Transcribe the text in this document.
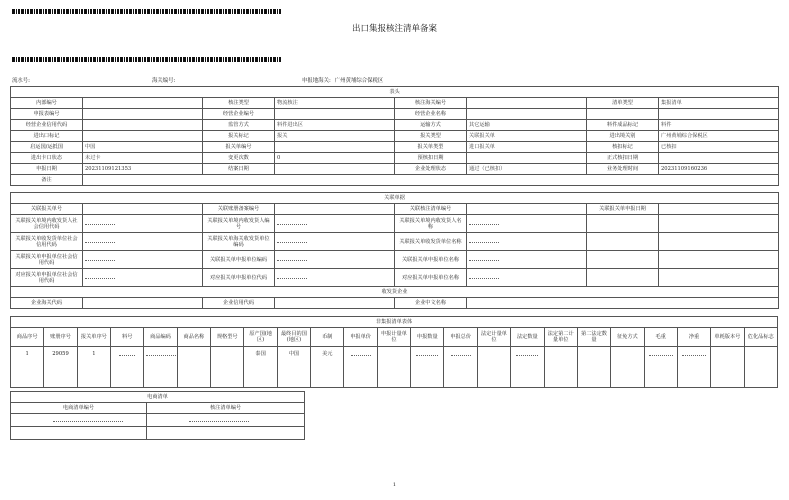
出口集报核注清单备案
流水号:	海关编号:	申报地海关: 广州黄埔综合保税区
表头							
内部编号		核注类型	物流核注	核注海关编号		清单类型	集报清单
申报表编号		经营企业编号		经营企业名称			
经营企业信用代码		监管方式	料件进出区	运输方式	其它运输	料件成品标记	料件
进出口标记		报关标记	报关	报关类型	关联报关单	进出境关别	广州黄埔综合保税区
启运国/运抵国	中国	报关单编号		报关单类型	进口报关单	核扣标记	已核扣
进出卡口状态	未过卡	变更次数	0	预核扣日期		正式核扣日期	
申报日期	20231109121353	结案日期		企业处理状态	通过（已核扣）	业务处理时间	20231109160236
备注							

关联单据							
关联报关单号		关联账册备案编号		关联核注清单编号		关联报关单申报日期	
关联报关单境内收发货人社会信用代码		关联报关单境内收发货人编号		关联报关单境内收发货人名称			
关联报关单收发货单位社会信用代码		关联报关单海关收发货单位编码		关联报关单收发货单位名称			
关联报关单申报单位社会信用代码		关联报关单申报单位编码		关联报关单申报单位名称			
对应报关单申报单位社会信用代码		对应报关单申报单位代码		对应报关单申报单位名称			
收发货企业							
企业海关代码		企业信用代码		企业中文名称			
非集报清单表体																						
商品序号	账册序号	报关单序号	料号	商品编码	商品名称	规格型号	原产国(地区)	最终目的国(地区)	币制	申报单价	申报计量单位	申报数量	申报总价	法定计量单位	法定数量	法定第二计量单位	第二法定数量	征免方式	毛重	净重	单耗版本号	危化品标志
1	29059	1					泰国	中国	美元													

电商清单	
电商清单编号	核注清单编号

1
